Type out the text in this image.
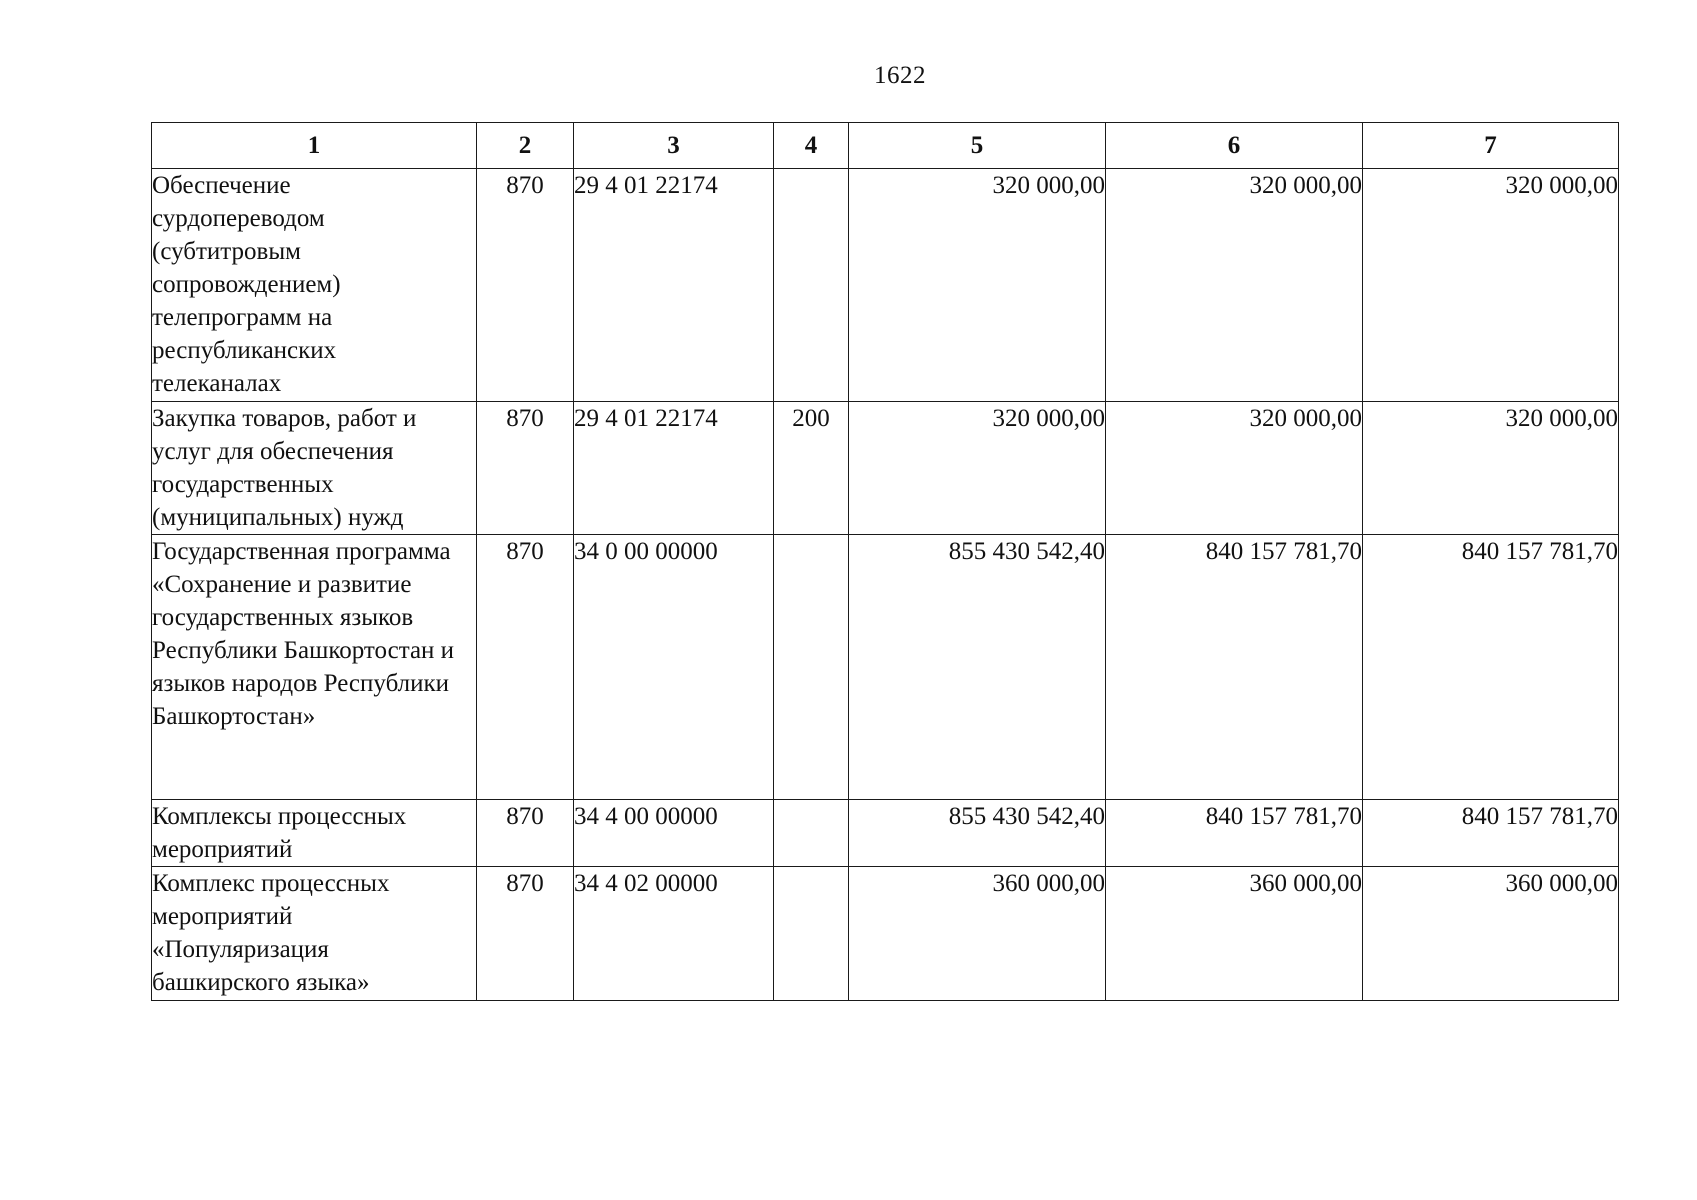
1622
1	2	3	4	5	6	7
Обеспечение сурдопереводом (субтитровым сопровождением) телепрограмм на республиканских телеканалах	870	29 4 01 22174		320 000,00	320 000,00	320 000,00
Закупка товаров, работ и услуг для обеспечения государственных (муниципальных) нужд	870	29 4 01 22174	200	320 000,00	320 000,00	320 000,00
Государственная программа «Сохранение и развитие государственных языков Республики Башкортостан и языков народов Республики Башкортостан»	870	34 0 00 00000		855 430 542,40	840 157 781,70	840 157 781,70
Комплексы процессных мероприятий	870	34 4 00 00000		855 430 542,40	840 157 781,70	840 157 781,70
Комплекс процессных мероприятий «Популяризация башкирского языка»	870	34 4 02 00000		360 000,00	360 000,00	360 000,00
